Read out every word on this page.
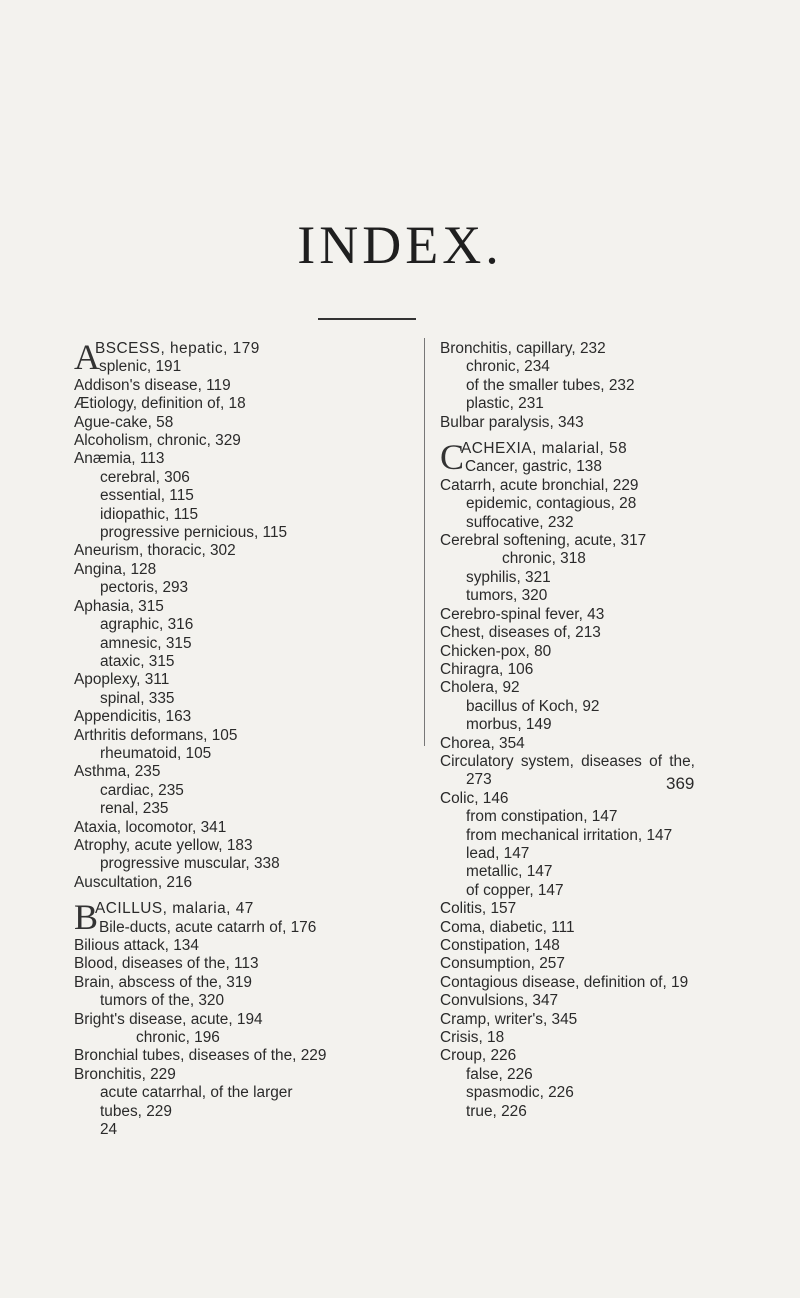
INDEX.
A
BSCESS, hepatic, 179
splenic, 191
Addison's disease, 119
Ætiology, definition of, 18
Ague-cake, 58
Alcoholism, chronic, 329
Anæmia, 113
cerebral, 306
essential, 115
idiopathic, 115
progressive pernicious, 115
Aneurism, thoracic, 302
Angina, 128
pectoris, 293
Aphasia, 315
agraphic, 316
amnesic, 315
ataxic, 315
Apoplexy, 311
spinal, 335
Appendicitis, 163
Arthritis deformans, 105
rheumatoid, 105
Asthma, 235
cardiac, 235
renal, 235
Ataxia, locomotor, 341
Atrophy, acute yellow, 183
progressive muscular, 338
Auscultation, 216
B
ACILLUS, malaria, 47
Bile-ducts, acute catarrh of, 176
Bilious attack, 134
Blood, diseases of the, 113
Brain, abscess of the, 319
tumors of the, 320
Bright's disease, acute, 194
chronic, 196
Bronchial tubes, diseases of the, 229
Bronchitis, 229
acute catarrhal, of the larger
tubes, 229
24
Bronchitis, capillary, 232
chronic, 234
of the smaller tubes, 232
plastic, 231
Bulbar paralysis, 343
C
ACHEXIA, malarial, 58
Cancer, gastric, 138
Catarrh, acute bronchial, 229
epidemic, contagious, 28
suffocative, 232
Cerebral softening, acute, 317
chronic, 318
syphilis, 321
tumors, 320
Cerebro-spinal fever, 43
Chest, diseases of, 213
Chicken-pox, 80
Chiragra, 106
Cholera, 92
bacillus of Koch, 92
morbus, 149
Chorea, 354
Circulatory system, diseases of the,
273
Colic, 146
from constipation, 147
from mechanical irritation, 147
lead, 147
metallic, 147
of copper, 147
Colitis, 157
Coma, diabetic, 111
Constipation, 148
Consumption, 257
Contagious disease, definition of, 19
Convulsions, 347
Cramp, writer's, 345
Crisis, 18
Croup, 226
false, 226
spasmodic, 226
true, 226
369
